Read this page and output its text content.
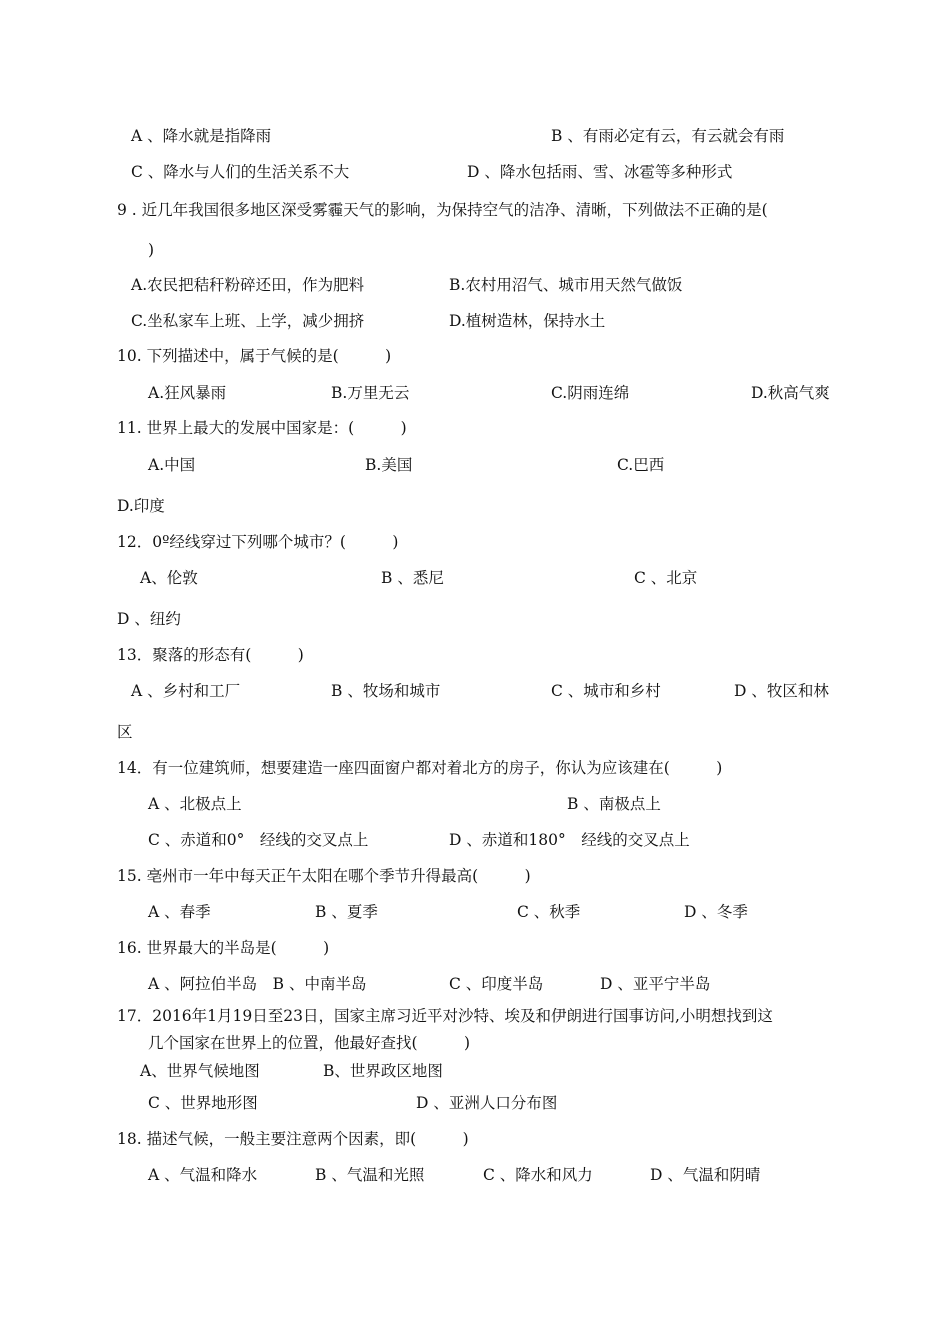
A 、降水就是指降雨	B 、有雨必定有云，有云就会有雨
C 、降水与人们的生活关系不大	D 、降水包括雨、雪、冰雹等多种形式
9 . 近几年我国很多地区深受雾霾天气的影响，为保持空气的洁净、清晰，下列做法不正确的是(
)
A.农民把秸秆粉碎还田，作为肥料	B.农村用沼气、城市用天然气做饭
C.坐私家车上班、上学，减少拥挤	D.植树造林，保持水土
10. 下列描述中，属于气候的是(　　　)
A.狂风暴雨	B.万里无云	C.阴雨连绵	D.秋高气爽
11. 世界上最大的发展中国家是：(　　　)
A.中国	B.美国	C.巴西
D.印度
12．0º经线穿过下列哪个城市？(　　　)
A、伦敦	B 、悉尼	C 、北京
D 、纽约
13．聚落的形态有(　　　)
A 、乡村和工厂	B 、牧场和城市	C 、城市和乡村	D 、牧区和林
区
14．有一位建筑师，想要建造一座四面窗户都对着北方的房子，你认为应该建在(　　　)
A 、北极点上	B 、南极点上
C 、赤道和0°　经线的交叉点上	D 、赤道和180°　经线的交叉点上
15. 亳州市一年中每天正午太阳在哪个季节升得最高(　　　)
A 、春季	B 、夏季	C 、秋季	D 、冬季
16. 世界最大的半岛是(　　　)
A 、阿拉伯半岛　B 、中南半岛	C 、印度半岛	D 、亚平宁半岛
17．2016年1月19日至23日，国家主席习近平对沙特、埃及和伊朗进行国事访问,小明想找到这
几个国家在世界上的位置，他最好查找(　　　)
A、世界气候地图	B、世界政区地图
C 、世界地形图	D 、亚洲人口分布图
18. 描述气候，一般主要注意两个因素，即(　　　)
A 、气温和降水	B 、气温和光照	C 、降水和风力	D 、气温和阴晴
